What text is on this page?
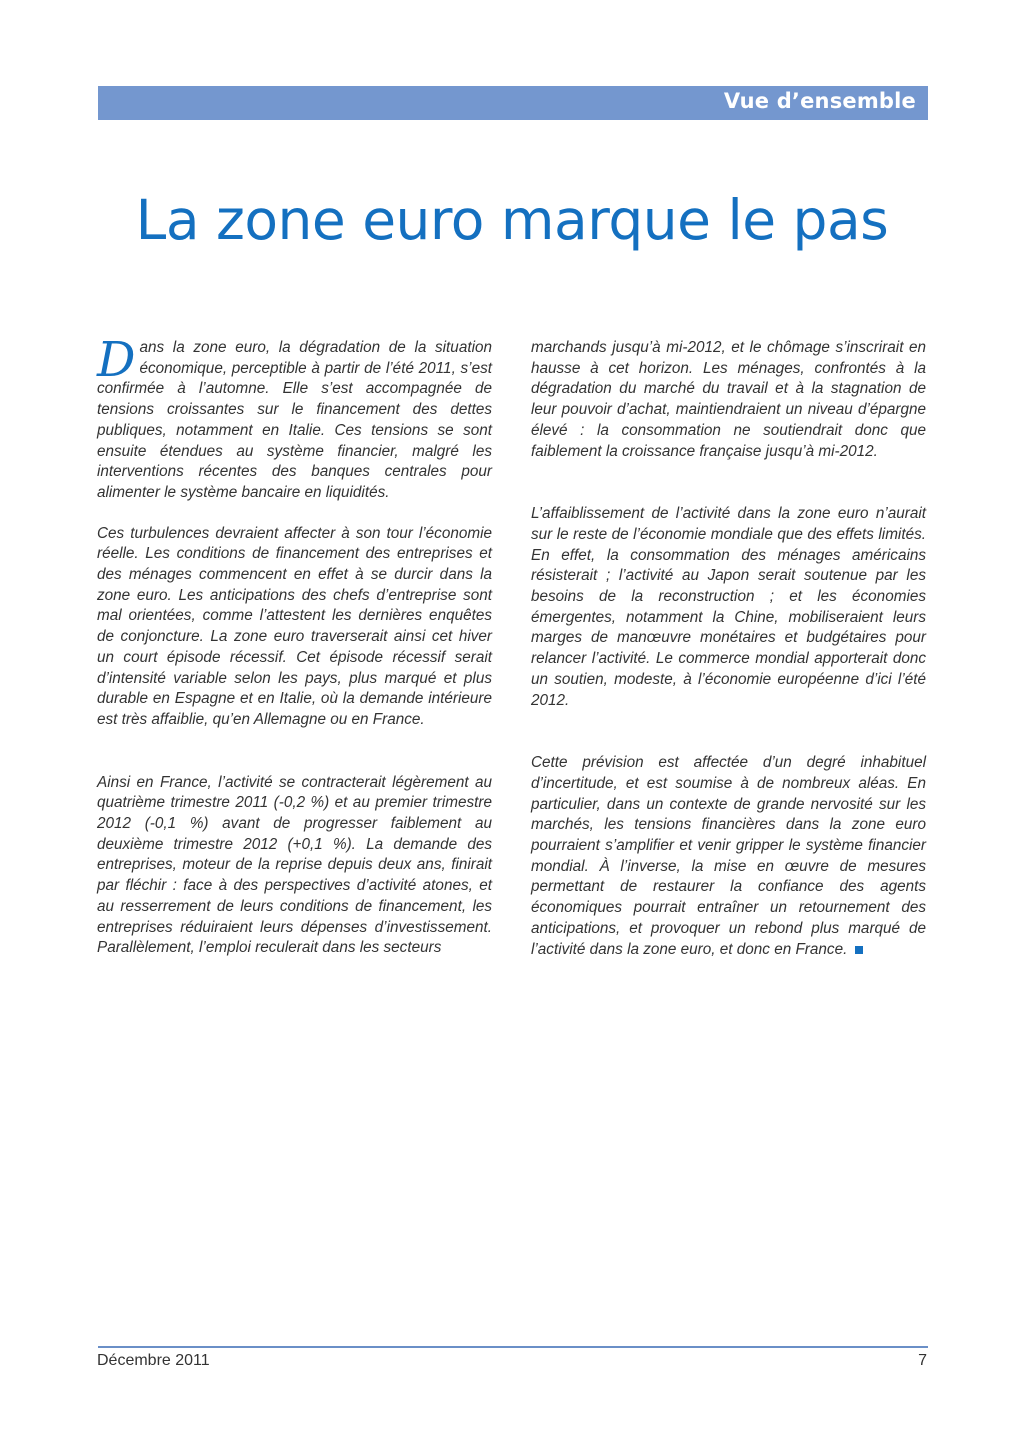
Vue d’ensemble
La zone euro marque le pas

Dans la zone euro, la dégradation de la situation économique, perceptible à partir de l’été 2011, s’est confirmée à l’automne. Elle s’est accompagnée de tensions croissantes sur le financement des dettes publiques, notamment en Italie. Ces tensions se sont ensuite étendues au système financier, malgré les interventions récentes des banques centrales pour alimenter le système bancaire en liquidités.

Ces turbulences devraient affecter à son tour l’économie réelle. Les conditions de financement des entreprises et des ménages commencent en effet à se durcir dans la zone euro. Les anticipations des chefs d’entreprise sont mal orientées, comme l’attestent les dernières enquêtes de conjoncture. La zone euro traverserait ainsi cet hiver un court épisode récessif. Cet épisode récessif serait d’intensité variable selon les pays, plus marqué et plus durable en Espagne et en Italie, où la demande intérieure est très affaiblie, qu’en Allemagne ou en France.

Ainsi en France, l’activité se contracterait légèrement au quatrième trimestre 2011 (-0,2 %) et au premier trimestre 2012 (-0,1 %) avant de progresser faiblement au deuxième trimestre 2012 (+0,1 %). La demande des entreprises, moteur de la reprise depuis deux ans, finirait par fléchir : face à des perspectives d’activité atones, et au resserrement de leurs conditions de financement, les entreprises réduiraient leurs dépenses d’investissement. Parallèlement, l’emploi reculerait dans les secteurs

marchands jusqu’à mi-2012, et le chômage s’inscrirait en hausse à cet horizon. Les ménages, confrontés à la dégradation du marché du travail et à la stagnation de leur pouvoir d’achat, maintiendraient un niveau d’épargne élevé : la consommation ne soutiendrait donc que faiblement la croissance française jusqu’à mi-2012.

L’affaiblissement de l’activité dans la zone euro n’aurait sur le reste de l’économie mondiale que des effets limités. En effet, la consommation des ménages américains résisterait ; l’activité au Japon serait soutenue par les besoins de la reconstruction ; et les économies émergentes, notamment la Chine, mobiliseraient leurs marges de manœuvre monétaires et budgétaires pour relancer l’activité. Le commerce mondial apporterait donc un soutien, modeste, à l’économie européenne d’ici l’été 2012.

Cette prévision est affectée d’un degré inhabituel d’incertitude, et est soumise à de nombreux aléas. En particulier, dans un contexte de grande nervosité sur les marchés, les tensions financières dans la zone euro pourraient s’amplifier et venir gripper le système financier mondial. À l’inverse, la mise en œuvre de mesures permettant de restaurer la confiance des agents économiques pourrait entraîner un retournement des anticipations, et provoquer un rebond plus marqué de l’activité dans la zone euro, et donc en France.

Décembre 2011	7
